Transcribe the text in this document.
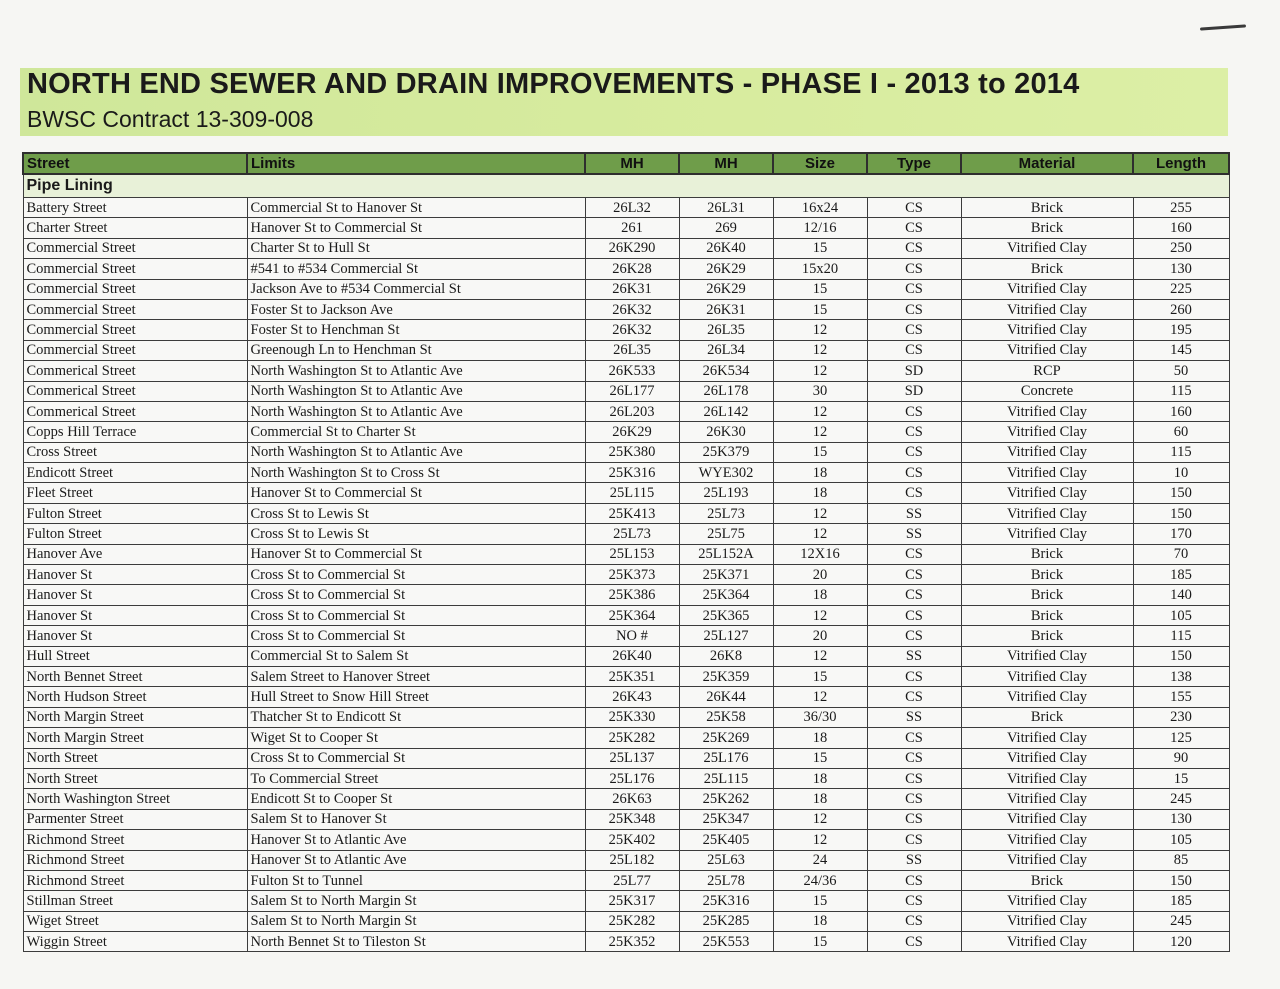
NORTH END SEWER AND DRAIN IMPROVEMENTS - PHASE I - 2013 to 2014
BWSC Contract 13-309-008
Street	Limits	MH	MH	Size	Type	Material	Length
Pipe Lining							
Battery Street	Commercial St to Hanover St	26L32	26L31	16x24	CS	Brick	255
Charter Street	Hanover St to Commercial St	261	269	12/16	CS	Brick	160
Commercial Street	Charter St to Hull St	26K290	26K40	15	CS	Vitrified Clay	250
Commercial Street	#541 to #534 Commercial St	26K28	26K29	15x20	CS	Brick	130
Commercial Street	Jackson Ave to #534 Commercial St	26K31	26K29	15	CS	Vitrified Clay	225
Commercial Street	Foster St to Jackson Ave	26K32	26K31	15	CS	Vitrified Clay	260
Commercial Street	Foster St to Henchman St	26K32	26L35	12	CS	Vitrified Clay	195
Commercial Street	Greenough Ln to Henchman St	26L35	26L34	12	CS	Vitrified Clay	145
Commerical Street	North Washington St to Atlantic Ave	26K533	26K534	12	SD	RCP	50
Commerical Street	North Washington St to Atlantic Ave	26L177	26L178	30	SD	Concrete	115
Commerical Street	North Washington St to Atlantic Ave	26L203	26L142	12	CS	Vitrified Clay	160
Copps Hill Terrace	Commercial St to Charter St	26K29	26K30	12	CS	Vitrified Clay	60
Cross Street	North Washington St to Atlantic Ave	25K380	25K379	15	CS	Vitrified Clay	115
Endicott Street	North Washington St to Cross St	25K316	WYE302	18	CS	Vitrified Clay	10
Fleet Street	Hanover St to Commercial St	25L115	25L193	18	CS	Vitrified Clay	150
Fulton Street	Cross St to Lewis St	25K413	25L73	12	SS	Vitrified Clay	150
Fulton Street	Cross St to Lewis St	25L73	25L75	12	SS	Vitrified Clay	170
Hanover Ave	Hanover St to Commercial St	25L153	25L152A	12X16	CS	Brick	70
Hanover St	Cross St to Commercial St	25K373	25K371	20	CS	Brick	185
Hanover St	Cross St to Commercial St	25K386	25K364	18	CS	Brick	140
Hanover St	Cross St to Commercial St	25K364	25K365	12	CS	Brick	105
Hanover St	Cross St to Commercial St	NO #	25L127	20	CS	Brick	115
Hull Street	Commercial St to Salem St	26K40	26K8	12	SS	Vitrified Clay	150
North Bennet Street	Salem Street to Hanover Street	25K351	25K359	15	CS	Vitrified Clay	138
North Hudson Street	Hull Street to Snow Hill Street	26K43	26K44	12	CS	Vitrified Clay	155
North Margin Street	Thatcher St to Endicott St	25K330	25K58	36/30	SS	Brick	230
North Margin Street	Wiget St to Cooper St	25K282	25K269	18	CS	Vitrified Clay	125
North Street	Cross St to Commercial St	25L137	25L176	15	CS	Vitrified Clay	90
North Street	To Commercial Street	25L176	25L115	18	CS	Vitrified Clay	15
North Washington Street	Endicott St to Cooper St	26K63	25K262	18	CS	Vitrified Clay	245
Parmenter Street	Salem St to Hanover St	25K348	25K347	12	CS	Vitrified Clay	130
Richmond Street	Hanover St to Atlantic Ave	25K402	25K405	12	CS	Vitrified Clay	105
Richmond Street	Hanover St to Atlantic Ave	25L182	25L63	24	SS	Vitrified Clay	85
Richmond Street	Fulton St to Tunnel	25L77	25L78	24/36	CS	Brick	150
Stillman Street	Salem St to North Margin St	25K317	25K316	15	CS	Vitrified Clay	185
Wiget Street	Salem St to North Margin St	25K282	25K285	18	CS	Vitrified Clay	245
Wiggin Street	North Bennet St to Tileston St	25K352	25K553	15	CS	Vitrified Clay	120
